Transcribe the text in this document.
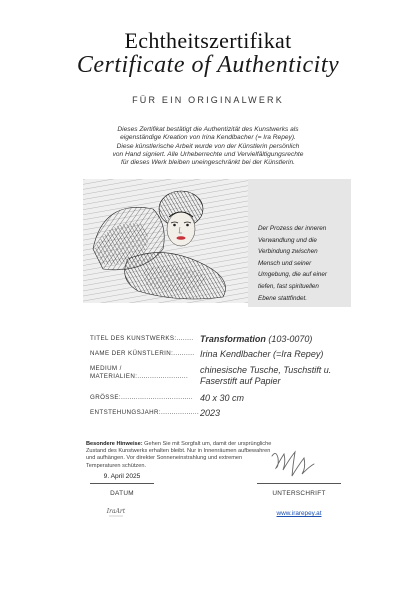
Echtheitszertifikat
Certificate of Authenticity
FÜR EIN ORIGINALWERK
Dieses Zertifikat bestätigt die Authentizität des Kunstwerks als
eigenständige Kreation von Irina Kendlbacher (= Ira Repey).
Diese künstlerische Arbeit wurde von der Künstlerin persönlich
von Hand signiert. Alle Urheberrechte und Vervielfältigungsrechte
für dieses Werk bleiben uneingeschränkt bei der Künstlerin.
Der Prozess der inneren
Verwandlung und die
Verbindung zwischen
Mensch und seiner
Umgebung, die auf einer
tiefen, fast spirituellen
Ebene stattfindet.
TITEL DES KUNSTWERKS:........ Transformation (103-0070)
NAME DER KÜNSTLERIN:.......... Irina Kendlbacher (=Ira Repey)
MEDIUM /
MATERIALIEN:........................
chinesische Tusche, Tuschstift u.
Faserstift auf Papier
GRÖSSE:.................................. 40 x 30 cm
ENTSTEHUNGSJAHR:.................. 2023
Besondere Hinweise: Gehen Sie mit Sorgfalt um, damit der ursprüngliche
Zustand des Kunstwerks erhalten bleibt. Nur in Innenräumen aufbewahren
und aufhängen. Vor direkter Sonneneinstrahlung und extremen
Temperaturen schützen.
9. April 2025
DATUM	UNTERSCHRIFT
IraArt	www.irarepey.at
